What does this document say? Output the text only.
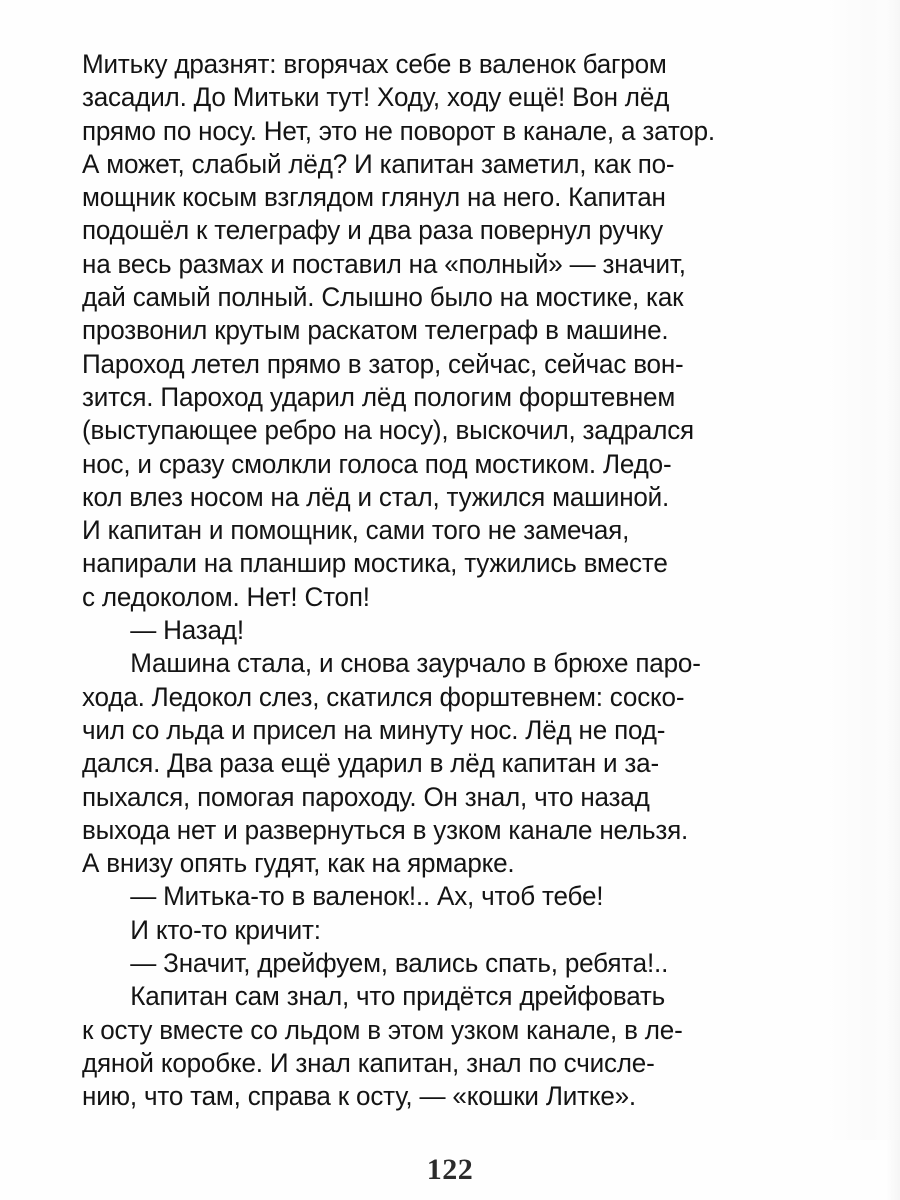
Митьку дразнят: вгорячах себе в валенок багром
засадил. До Митьки тут! Ходу, ходу ещё! Вон лёд
прямо по носу. Нет, это не поворот в канале, а затор.
А может, слабый лёд? И капитан заметил, как по-
мощник косым взглядом глянул на него. Капитан
подошёл к телеграфу и два раза повернул ручку
на весь размах и поставил на «полный» — значит,
дай самый полный. Слышно было на мостике, как
прозвонил крутым раскатом телеграф в машине.
Пароход летел прямо в затор, сейчас, сейчас вон-
зится. Пароход ударил лёд пологим форштевнем
(выступающее ребро на носу), выскочил, задрался
нос, и сразу смолкли голоса под мостиком. Ледо-
кол влез носом на лёд и стал, тужился машиной.
И капитан и помощник, сами того не замечая,
напирали на планшир мостика, тужились вместе
с ледоколом. Нет! Стоп!
— Назад!
Машина стала, и снова заурчало в брюхе паро-
хода. Ледокол слез, скатился форштевнем: соско-
чил со льда и присел на минуту нос. Лёд не под-
дался. Два раза ещё ударил в лёд капитан и за-
пыхался, помогая пароходу. Он знал, что назад
выхода нет и развернуться в узком канале нельзя.
А внизу опять гудят, как на ярмарке.
— Митька-то в валенок!.. Ах, чтоб тебе!
И кто-то кричит:
— Значит, дрейфуем, вались спать, ребята!..
Капитан сам знал, что придётся дрейфовать
к осту вместе со льдом в этом узком канале, в ле-
дяной коробке. И знал капитан, знал по счисле-
нию, что там, справа к осту, — «кошки Литке».
122
